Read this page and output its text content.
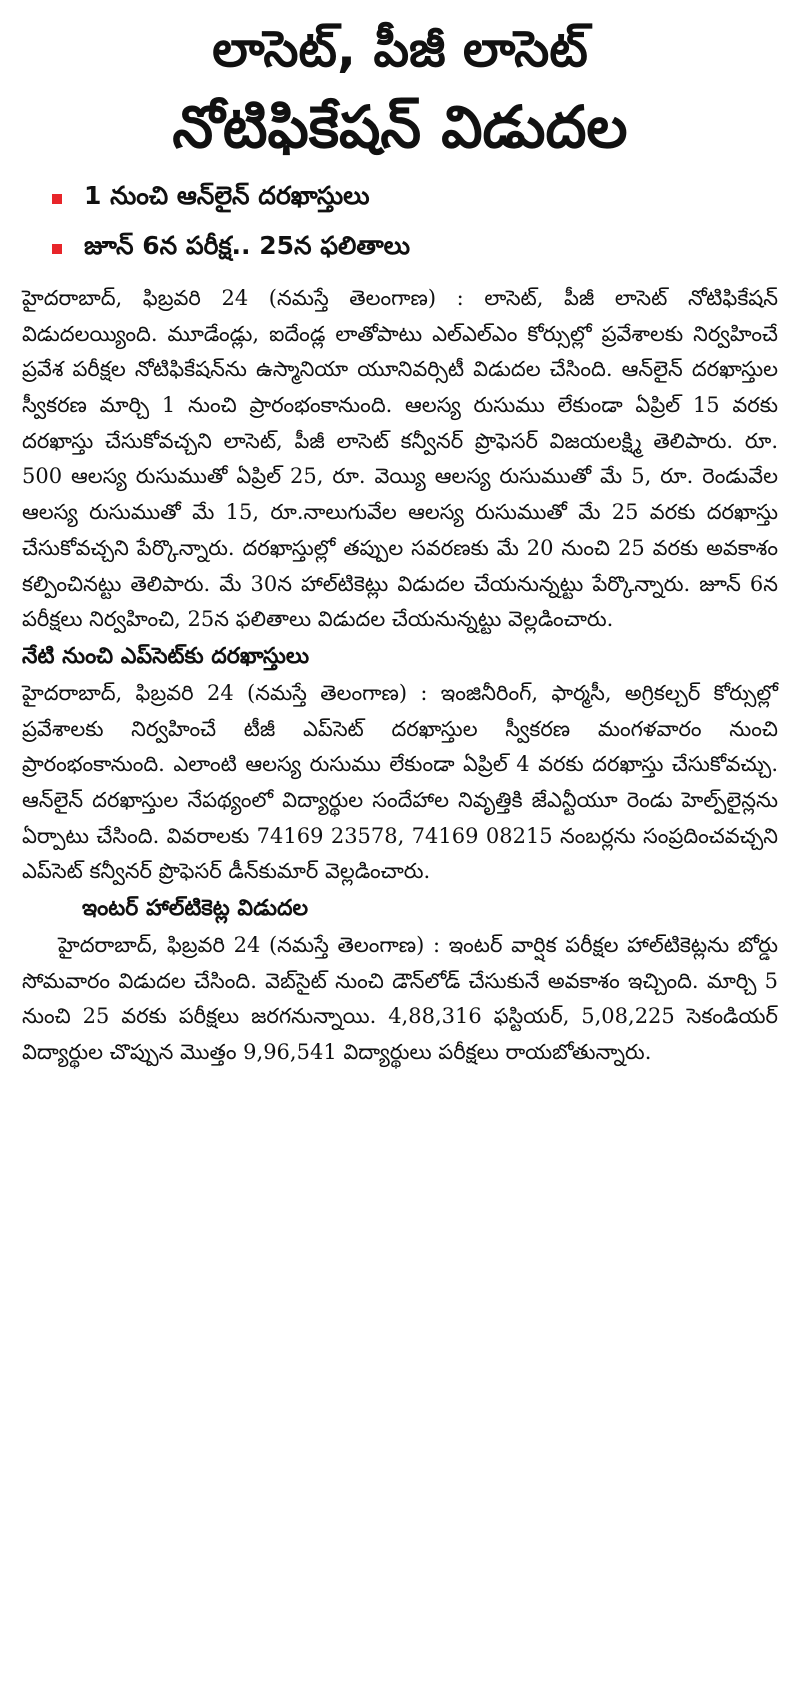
లాసెట్, పీజీ లాసెట్
నోటిఫికేషన్ విడుదల
1 నుంచి ఆన్‌లైన్ దరఖాస్తులు
జూన్ 6న పరీక్ష.. 25న ఫలితాలు

హైదరాబాద్, ఫిబ్రవరి 24 (నమస్తే తెలంగాణ) : లాసెట్, పీజీ లాసెట్ నోటిఫికేషన్ విడుదలయ్యింది. మూడేండ్లు, ఐదేండ్ల లాతోపాటు ఎల్ఎల్ఎం కోర్సుల్లో ప్రవేశాలకు నిర్వహించే ప్రవేశ పరీక్షల నోటిఫికేషన్‌ను ఉస్మానియా యూనివర్సిటీ విడుదల చేసింది. ఆన్‌లైన్ దరఖాస్తుల స్వీకరణ మార్చి 1 నుంచి ప్రారంభంకానుంది. ఆలస్య రుసుము లేకుండా ఏప్రిల్ 15 వరకు దరఖాస్తు చేసుకోవచ్చని లాసెట్, పీజీ లాసెట్ కన్వీనర్ ప్రొఫెసర్ విజయలక్ష్మి తెలిపారు. రూ. 500 ఆలస్య రుసుముతో ఏప్రిల్ 25, రూ. వెయ్యి ఆలస్య రుసుముతో మే 5, రూ. రెండువేల ఆలస్య రుసుముతో మే 15, రూ.నాలుగువేల ఆలస్య రుసుముతో మే 25 వరకు దరఖాస్తు చేసుకోవచ్చని పేర్కొన్నారు. దరఖాస్తుల్లో తప్పుల సవరణకు మే 20 నుంచి 25 వరకు అవకాశం కల్పించినట్టు తెలిపారు. మే 30న హాల్‌టికెట్లు విడుదల చేయనున్నట్టు పేర్కొన్నారు. జూన్ 6న పరీక్షలు నిర్వహించి, 25న ఫలితాలు విడుదల చేయనున్నట్టు వెల్లడించారు.

నేటి నుంచి ఎప్‌సెట్‌కు దరఖాస్తులు

హైదరాబాద్, ఫిబ్రవరి 24 (నమస్తే తెలంగాణ) : ఇంజినీరింగ్, ఫార్మసీ, అగ్రికల్చర్ కోర్సుల్లో ప్రవేశాలకు నిర్వహించే టీజీ ఎప్‌సెట్ దరఖాస్తుల స్వీకరణ మంగళవారం నుంచి ప్రారంభంకానుంది. ఎలాంటి ఆలస్య రుసుము లేకుండా ఏప్రిల్ 4 వరకు దరఖాస్తు చేసుకోవచ్చు. ఆన్‌లైన్ దరఖాస్తుల నేపథ్యంలో విద్యార్థుల సందేహాల నివృత్తికి జేఎన్టీయూ రెండు హెల్ప్‌లైన్లను ఏర్పాటు చేసింది. వివరాలకు 74169 23578, 74169 08215 నంబర్లను సంప్రదించవచ్చని ఎప్‌సెట్ కన్వీనర్ ప్రొఫెసర్ డీన్‌కుమార్ వెల్లడించారు.

ఇంటర్ హాల్‌టికెట్ల విడుదల

హైదరాబాద్, ఫిబ్రవరి 24 (నమస్తే తెలంగాణ) : ఇంటర్ వార్షిక పరీక్షల హాల్‌టికెట్లను బోర్డు సోమవారం విడుదల చేసింది. వెబ్‌సైట్ నుంచి డౌన్‌లోడ్ చేసుకునే అవకాశం ఇచ్చింది. మార్చి 5 నుంచి 25 వరకు పరీక్షలు జరగనున్నాయి. 4,88,316 ఫస్టియర్, 5,08,225 సెకండియర్ విద్యార్థుల చొప్పున మొత్తం 9,96,541 విద్యార్థులు పరీక్షలు రాయబోతున్నారు.
